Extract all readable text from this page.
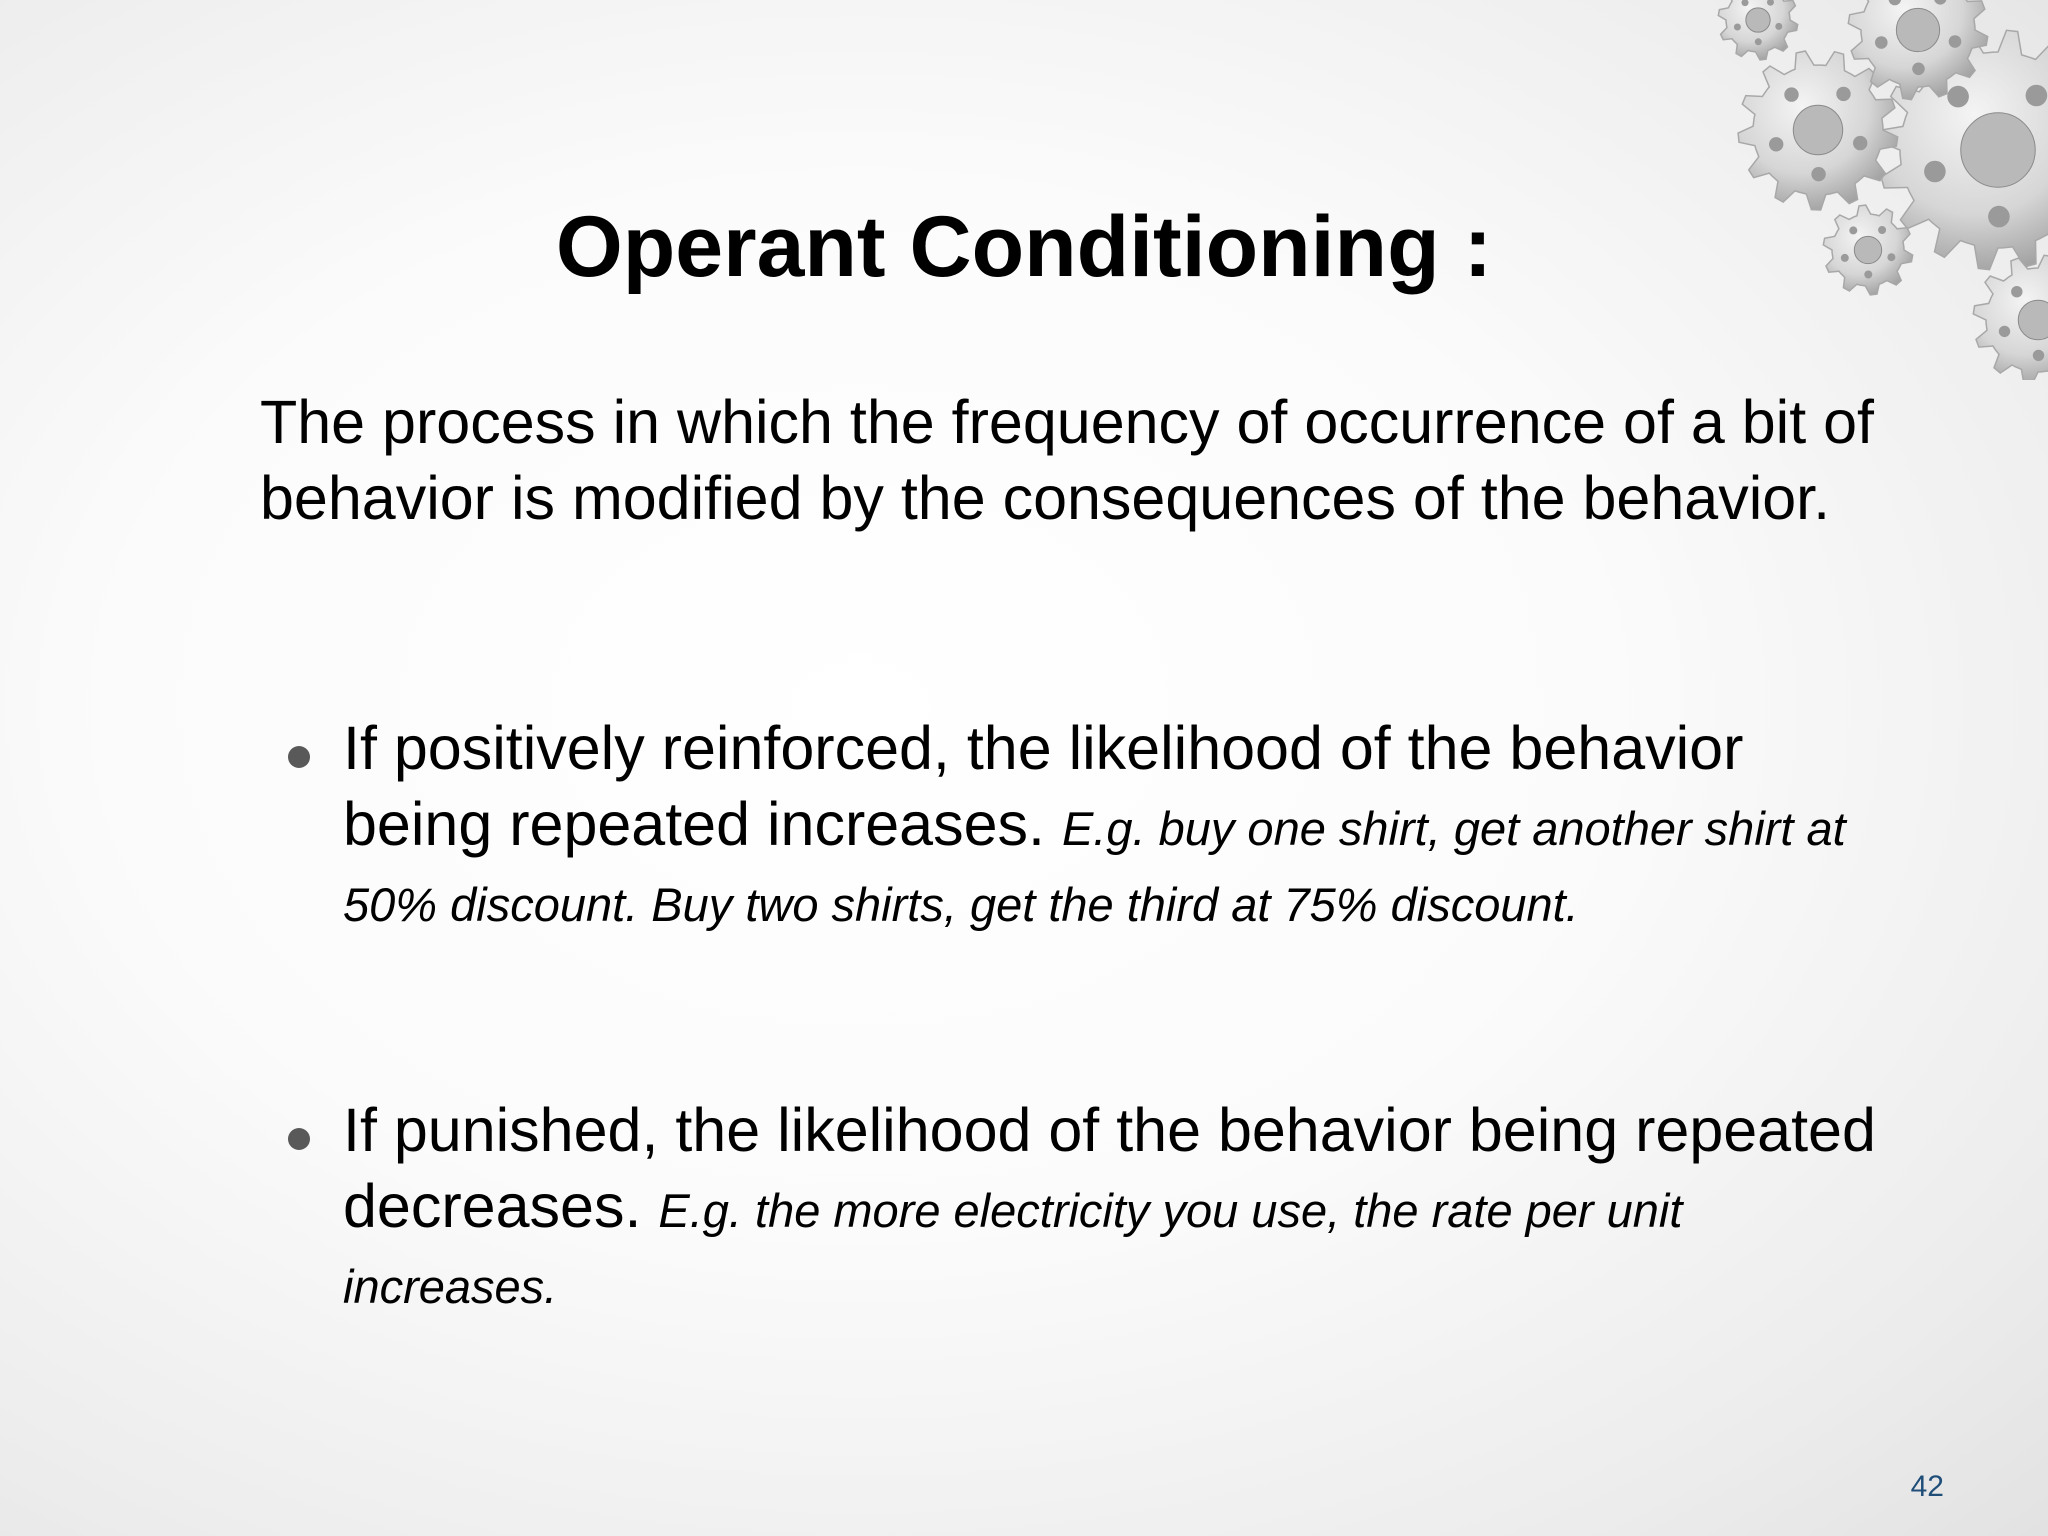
Operant Conditioning :

The process in which the frequency of occurrence of a bit of behavior is modified by the consequences of the behavior.

If positively reinforced, the likelihood of the behavior being repeated increases. E.g. buy one shirt, get another shirt at 50% discount. Buy two shirts, get the third at 75% discount.
If punished, the likelihood of the behavior being repeated decreases. E.g. the more electricity you use, the rate per unit increases.
42
